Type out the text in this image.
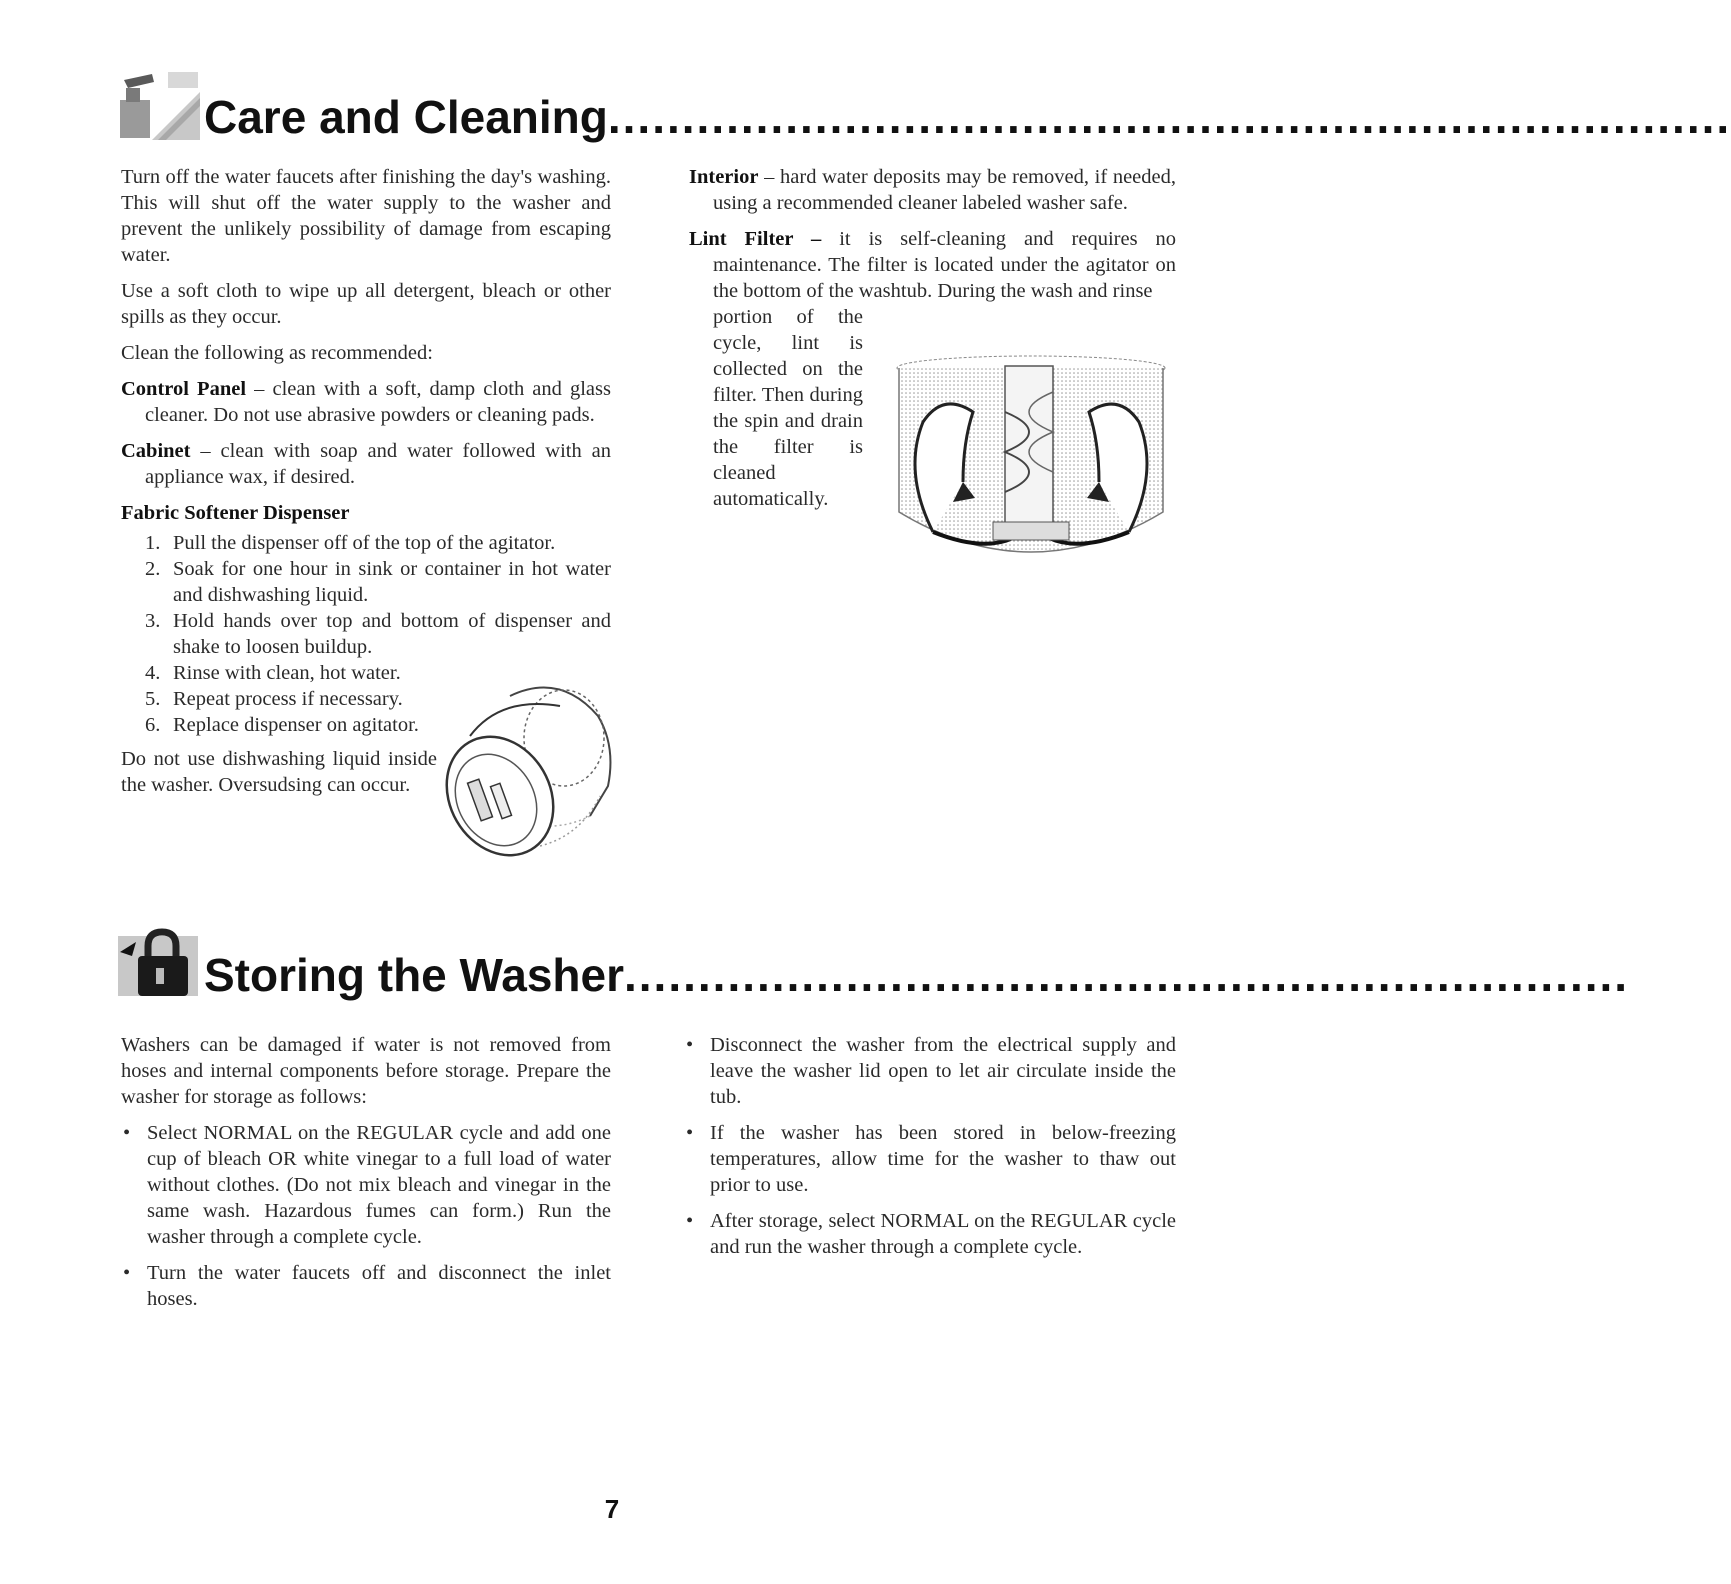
Care and Cleaning ............................................................................

Turn off the water faucets after finishing the day's washing. This will shut off the water supply to the washer and prevent the unlikely possibility of damage from escaping water.

Use a soft cloth to wipe up all detergent, bleach or other spills as they occur.

Clean the following as recommended:

Control Panel – clean with a soft, damp cloth and glass cleaner. Do not use abrasive powders or cleaning pads.

Cabinet – clean with soap and water followed with an appliance wax, if desired.

Fabric Softener Dispenser
1. Pull the dispenser off of the top of the agitator.
2. Soak for one hour in sink or container in hot water and dishwashing liquid.
3. Hold hands over top and bottom of dispenser and shake to loosen buildup.
4. Rinse with clean, hot water.
5. Repeat process if necessary.
6. Replace dispenser on agitator.

Do not use dishwashing liquid inside the washer. Oversudsing can occur.

Interior – hard water deposits may be removed, if needed, using a recommended cleaner labeled washer safe.

Lint Filter – it is self-cleaning and requires no maintenance. The filter is located under the agitator on the bottom of the washtub. During the wash and rinse

portion of the cycle, lint is collected on the filter. Then during the spin and drain the filter is cleaned automatically.

Storing the Washer ....................................................................

Washers can be damaged if water is not removed from hoses and internal components before storage. Prepare the washer for storage as follows:

• Select NORMAL on the REGULAR cycle and add one cup of bleach OR white vinegar to a full load of water without clothes. (Do not mix bleach and vinegar in the same wash. Hazardous fumes can form.) Run the washer through a complete cycle.
• Turn the water faucets off and disconnect the inlet hoses.
• Disconnect the washer from the electrical supply and leave the washer lid open to let air circulate inside the tub.
• If the washer has been stored in below-freezing temperatures, allow time for the washer to thaw out prior to use.
• After storage, select NORMAL on the REGULAR cycle and run the washer through a complete cycle.
7
